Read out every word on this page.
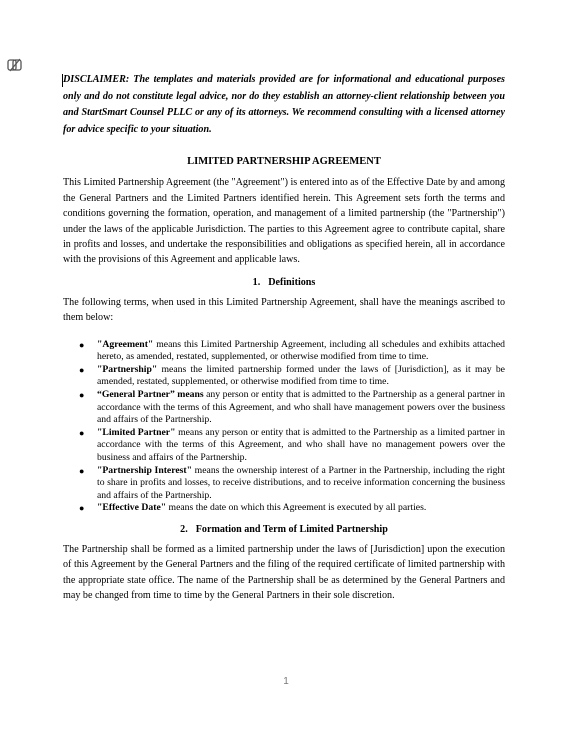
DISCLAIMER: The templates and materials provided are for informational and educational purposes only and do not constitute legal advice, nor do they establish an attorney-client relationship between you and StartSmart Counsel PLLC or any of its attorneys. We recommend consulting with a licensed attorney for advice specific to your situation.

LIMITED PARTNERSHIP AGREEMENT

This Limited Partnership Agreement (the "Agreement") is entered into as of the Effective Date by and among the General Partners and the Limited Partners identified herein. This Agreement sets forth the terms and conditions governing the formation, operation, and management of a limited partnership (the "Partnership") under the laws of the applicable Jurisdiction. The parties to this Agreement agree to contribute capital, share in profits and losses, and undertake the responsibilities and obligations as specified herein, all in accordance with the provisions of this Agreement and applicable laws.

1. Definitions

The following terms, when used in this Limited Partnership Agreement, shall have the meanings ascribed to them below:

● "Agreement" means this Limited Partnership Agreement, including all schedules and exhibits attached hereto, as amended, restated, supplemented, or otherwise modified from time to time.
● "Partnership" means the limited partnership formed under the laws of [Jurisdiction], as it may be amended, restated, supplemented, or otherwise modified from time to time.
● “General Partner” means any person or entity that is admitted to the Partnership as a general partner in accordance with the terms of this Agreement, and who shall have management powers over the business and affairs of the Partnership.
● "Limited Partner" means any person or entity that is admitted to the Partnership as a limited partner in accordance with the terms of this Agreement, and who shall have no management powers over the business and affairs of the Partnership.
● "Partnership Interest" means the ownership interest of a Partner in the Partnership, including the right to share in profits and losses, to receive distributions, and to receive information concerning the business and affairs of the Partnership.
● "Effective Date" means the date on which this Agreement is executed by all parties.
2. Formation and Term of Limited Partnership

The Partnership shall be formed as a limited partnership under the laws of [Jurisdiction] upon the execution of this Agreement by the General Partners and the filing of the required certificate of limited partnership with the appropriate state office. The name of the Partnership shall be as determined by the General Partners and may be changed from time to time by the General Partners in their sole discretion.

1
